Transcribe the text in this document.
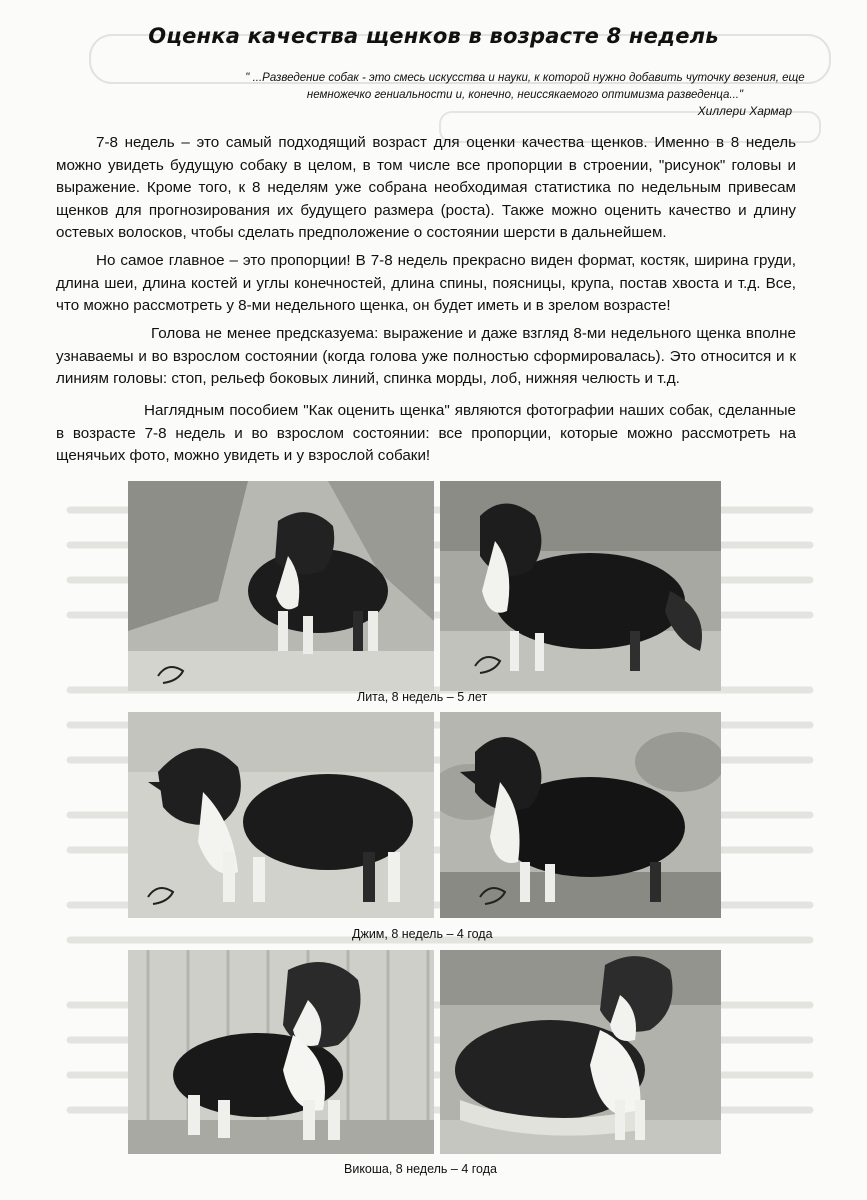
Оценка качества щенков в возрасте 8 недель
" ...Разведение собак - это смесь искусства и науки, к которой нужно добавить чуточку везения, еще немножечко гениальности и, конечно, неиссякаемого оптимизма разведенца..."
Хиллери Хармар

7-8 недель – это самый подходящий возраст для оценки качества щенков. Именно в 8 недель можно увидеть будущую собаку в целом, в том числе все пропорции в строении, "рисунок" головы и выражение. Кроме того, к 8 неделям уже собрана необходимая статистика по недельным привесам щенков для прогнозирования их будущего размера (роста). Также можно оценить качество и длину остевых волосков, чтобы сделать предположение о состоянии шерсти в дальнейшем.

Но самое главное – это пропорции! В 7-8 недель прекрасно виден формат, костяк, ширина груди, длина шеи, длина костей и углы конечностей, длина спины, поясницы, крупа, постав хвоста и т.д. Все, что можно рассмотреть у 8-ми недельного щенка, он будет иметь и в зрелом возрасте!

Голова не менее предсказуема: выражение и даже взгляд 8-ми недельного щенка вполне узнаваемы и во взрослом состоянии (когда голова уже полностью сформировалась). Это относится и к линиям головы: стоп, рельеф боковых линий, спинка морды, лоб, нижняя челюсть и т.д.

Наглядным пособием "Как оценить щенка" являются фотографии наших собак, сделанные в возрасте 7-8 недель и во взрослом состоянии: все пропорции, которые можно рассмотреть на щенячьих фото, можно увидеть и у взрослой собаки!

Лита, 8 недель – 5 лет
Джим, 8 недель – 4 года
Викоша, 8 недель – 4 года
